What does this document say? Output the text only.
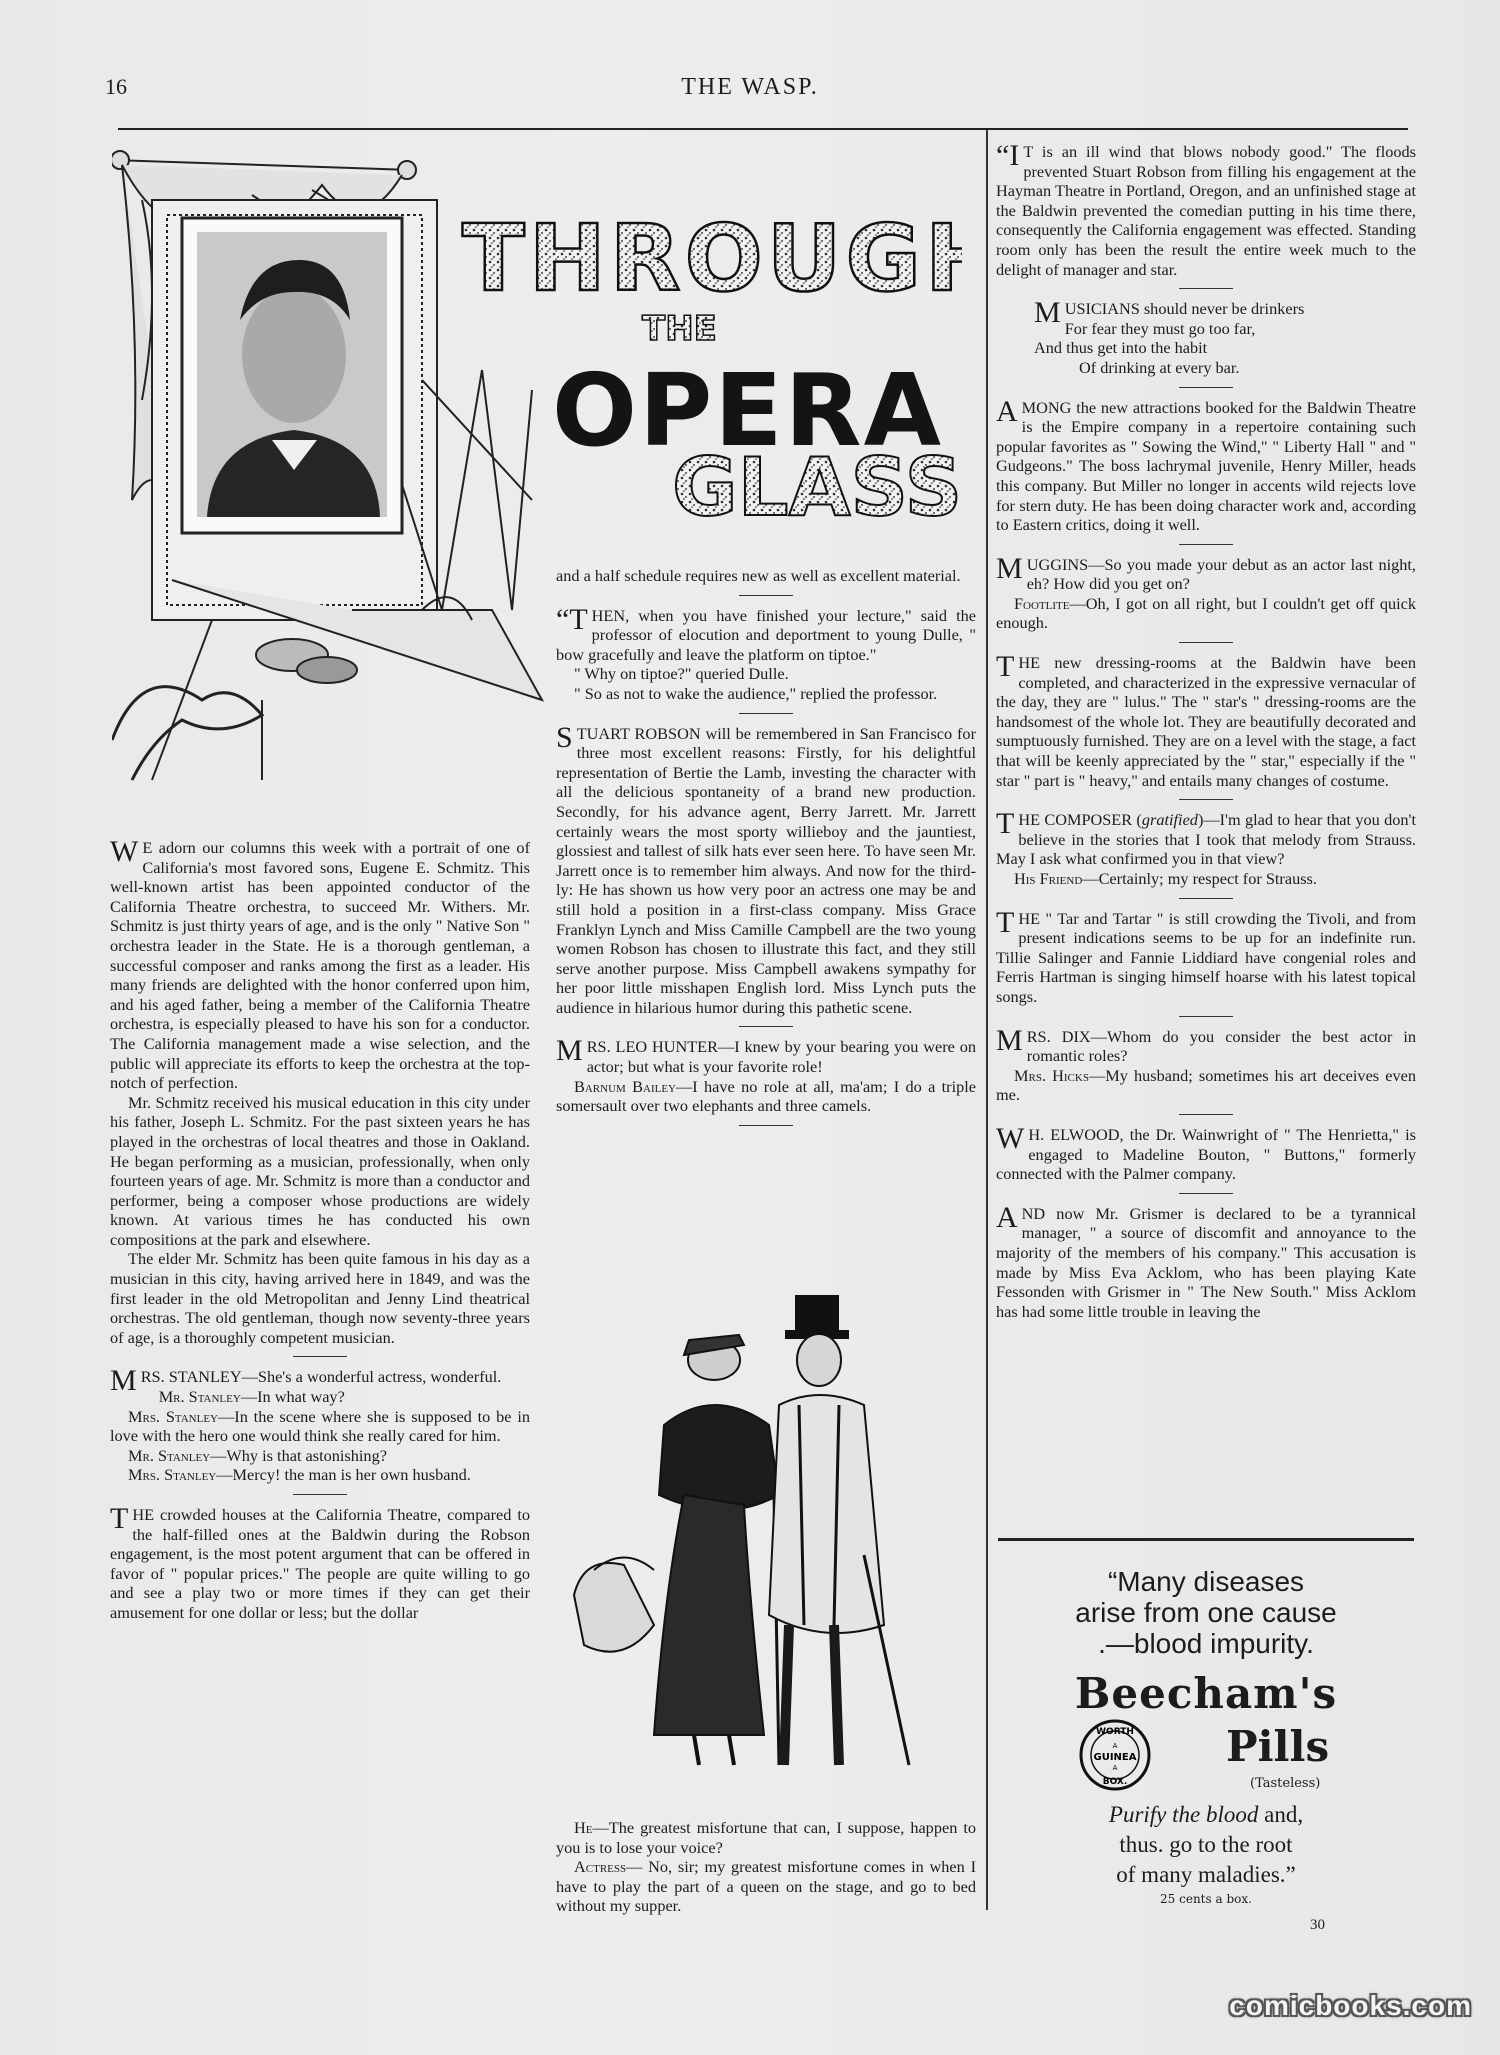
16	THE WASP.
THROUGH
THE
OPERA
GLASS.

W E adorn our columns this week with a portrait of one of California's most favored sons, Eugene E. Schmitz. This well-known artist has been appointed conductor of the California Theatre orchestra, to succeed Mr. Withers. Mr. Schmitz is just thirty years of age, and is the only " Native Son " orchestra leader in the State. He is a thorough gentleman, a successful composer and ranks among the first as a leader. His many friends are delighted with the honor conferred upon him, and his aged father, being a member of the California Theatre orchestra, is especially pleased to have his son for a conductor. The California management made a wise selection, and the public will appreciate its efforts to keep the orchestra at the top-notch of perfection.

Mr. Schmitz received his musical education in this city under his father, Joseph L. Schmitz. For the past sixteen years he has played in the orchestras of local theatres and those in Oakland. He began performing as a musician, professionally, when only fourteen years of age. Mr. Schmitz is more than a conductor and performer, being a composer whose productions are widely known. At various times he has conducted his own compositions at the park and elsewhere.

The elder Mr. Schmitz has been quite famous in his day as a musician in this city, having arrived here in 1849, and was the first leader in the old Metropolitan and Jenny Lind theatrical orchestras. The old gentleman, though now seventy-three years of age, is a thoroughly competent musician.

MRS. STANLEY—She's a wonderful actress, wonderful.

Mr. Stanley—In what way?

Mrs. Stanley—In the scene where she is supposed to be in love with the hero one would think she really cared for him.

Mr. Stanley—Why is that astonishing?

Mrs. Stanley—Mercy! the man is her own husband.

THE crowded houses at the California Theatre, compared to the half-filled ones at the Baldwin during the Robson engagement, is the most potent argument that can be offered in favor of " popular prices." The people are quite willing to go and see a play two or more times if they can get their amusement for one dollar or less; but the dollar

and a half schedule requires new as well as excellent material.

“THEN, when you have finished your lecture," said the professor of elocution and deportment to young Dulle, " bow gracefully and leave the platform on tiptoe."

" Why on tiptoe?" queried Dulle.

" So as not to wake the audience," replied the professor.

STUART ROBSON will be remembered in San Francisco for three most excellent reasons: Firstly, for his delightful representation of Bertie the Lamb, investing the character with all the delicious spontaneity of a brand new production. Secondly, for his advance agent, Berry Jarrett. Mr. Jarrett certainly wears the most sporty willieboy and the jauntiest, glossiest and tallest of silk hats ever seen here. To have seen Mr. Jarrett once is to remember him always. And now for the third-ly: He has shown us how very poor an actress one may be and still hold a position in a first-class company. Miss Grace Franklyn Lynch and Miss Camille Campbell are the two young women Robson has chosen to illustrate this fact, and they still serve another purpose. Miss Campbell awakens sympathy for her poor little misshapen English lord. Miss Lynch puts the audience in hilarious humor during this pathetic scene.

MRS. LEO HUNTER—I knew by your bearing you were on actor; but what is your favorite role!

Barnum Bailey—I have no role at all, ma'am; I do a triple somersault over two elephants and three camels.

He—The greatest misfortune that can, I suppose, happen to you is to lose your voice?

Actress— No, sir; my greatest misfortune comes in when I have to play the part of a queen on the stage, and go to bed without my supper.

“I T is an ill wind that blows nobody good." The floods prevented Stuart Robson from filling his engagement at the Hayman Theatre in Portland, Oregon, and an unfinished stage at the Baldwin prevented the comedian putting in his time there, consequently the California engagement was effected. Standing room only has been the result the entire week much to the delight of manager and star.

MUSICIANS should never be drinkers
For fear they must go too far,
And thus get into the habit
Of drinking at every bar.

AMONG the new attractions booked for the Baldwin Theatre is the Empire company in a repertoire containing such popular favorites as " Sowing the Wind," " Liberty Hall " and " Gudgeons." The boss lachrymal juvenile, Henry Miller, heads this company. But Miller no longer in accents wild rejects love for stern duty. He has been doing character work and, according to Eastern critics, doing it well.

MUGGINS—So you made your debut as an actor last night, eh? How did you get on?

Footlite—Oh, I got on all right, but I couldn't get off quick enough.

THE new dressing-rooms at the Baldwin have been completed, and characterized in the expressive vernacular of the day, they are " lulus." The " star's " dressing-rooms are the handsomest of the whole lot. They are beautifully decorated and sumptuously furnished. They are on a level with the stage, a fact that will be keenly appreciated by the " star," especially if the " star " part is " heavy," and entails many changes of costume.

THE COMPOSER (gratified)—I'm glad to hear that you don't believe in the stories that I took that melody from Strauss. May I ask what confirmed you in that view?

His Friend—Certainly; my respect for Strauss.

THE " Tar and Tartar " is still crowding the Tivoli, and from present indications seems to be up for an indefinite run. Tillie Salinger and Fannie Liddiard have congenial roles and Ferris Hartman is singing himself hoarse with his latest topical songs.

MRS. DIX—Whom do you consider the best actor in romantic roles?

Mrs. Hicks—My husband; sometimes his art deceives even me.

W H. ELWOOD, the Dr. Wainwright of " The Henrietta," is engaged to Madeline Bouton, " Buttons," formerly connected with the Palmer company.

AND now Mr. Grismer is declared to be a tyrannical manager, " a source of discomfit and annoyance to the majority of the members of his company." This accusation is made by Miss Eva Acklom, who has been playing Kate Fessonden with Grismer in " The New South." Miss Acklom has had some little trouble in leaving the

“Many diseases
arise from one cause
.—blood impurity.
Beecham's
WORTH
A
GUINEA
A
BOX.
Pills
(Tasteless)
Purify the blood and,
thus. go to the root
of many maladies.”
25 cents a box.
30
comicbooks.com
